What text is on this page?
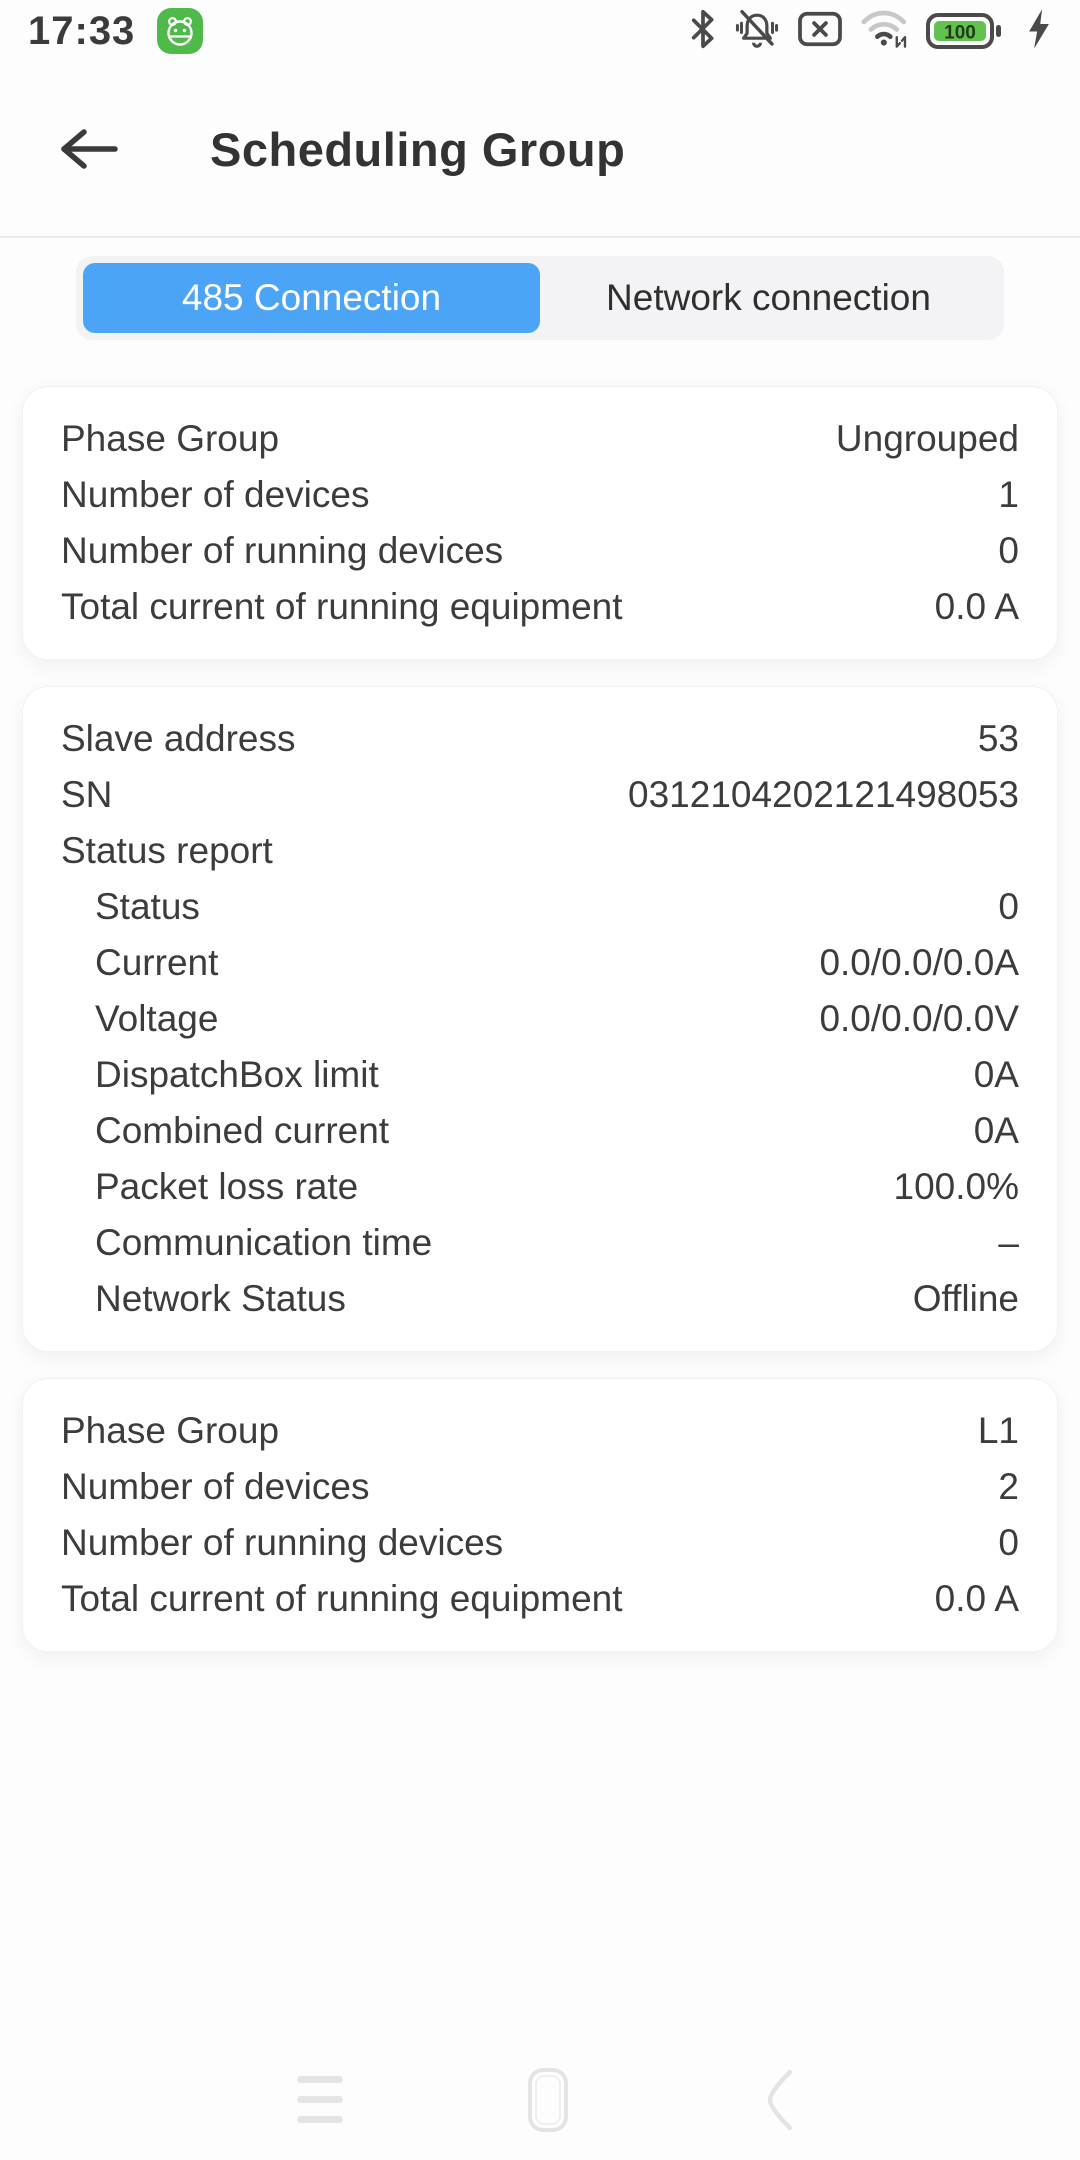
17:33	100
Scheduling Group
485 Connection	Network connection
Phase Group	Ungrouped
Number of devices	1
Number of running devices	0
Total current of running equipment	0.0 A
Slave address	53
SN	0312104202121498053
Status report
Status	0
Current	0.0/0.0/0.0A
Voltage	0.0/0.0/0.0V
DispatchBox limit	0A
Combined current	0A
Packet loss rate	100.0%
Communication time	–
Network Status	Offline
Phase Group	L1
Number of devices	2
Number of running devices	0
Total current of running equipment	0.0 A
